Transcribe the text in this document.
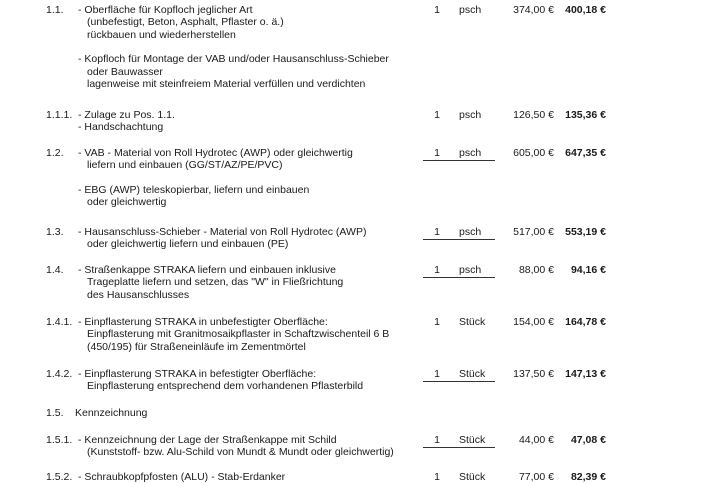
1.1. - Oberfläche für Kopfloch jeglicher Art
(unbefestigt, Beton, Asphalt, Pflaster o. ä.)
rückbauen und wiederherstellen
- Kopfloch für Montage der VAB und/oder Hausanschluss-Schieber
oder Bauwasser
lagenweise mit steinfreiem Material verfüllen und verdichten
1 psch	374,00 € 400,18 €
1.1.1. - Zulage zu Pos. 1.1.
- Handschachtung
1 psch	126,50 € 135,36 €
1.2. - VAB - Material von Roll Hydrotec (AWP) oder gleichwertig
liefern und einbauen (GG/ST/AZ/PE/PVC)
- EBG (AWP) teleskopierbar, liefern und einbauen
oder gleichwertig
1 psch	605,00 € 647,35 €
1.3. - Hausanschluss-Schieber - Material von Roll Hydrotec (AWP)
oder gleichwertig liefern und einbauen (PE)
1 psch	517,00 € 553,19 €
1.4. - Straßenkappe STRAKA liefern und einbauen inklusive
Trageplatte liefern und setzen, das "W" in Fließrichtung
des Hausanschlusses
1 psch	88,00 €	94,16 €
1.4.1. - Einpflasterung STRAKA in unbefestigter Oberfläche:
Einpflasterung mit Granitmosaikpflaster in Schaftzwischenteil 6 B
(450/195) für Straßeneinläufe im Zementmörtel
1 Stück	154,00 € 164,78 €
1.4.2. - Einpflasterung STRAKA in befestigter Oberfläche:
Einpflasterung entsprechend dem vorhandenen Pflasterbild
1 Stück	137,50 € 147,13 €
1.5. Kennzeichnung
1.5.1. - Kennzeichnung der Lage der Straßenkappe mit Schild
(Kunststoff- bzw. Alu-Schild von Mundt & Mundt oder gleichwertig)
1 Stück	44,00 €	47,08 €
1.5.2. - Schraubkopfpfosten (ALU) - Stab-Erdanker	1 Stück	77,00 €	82,39 €
